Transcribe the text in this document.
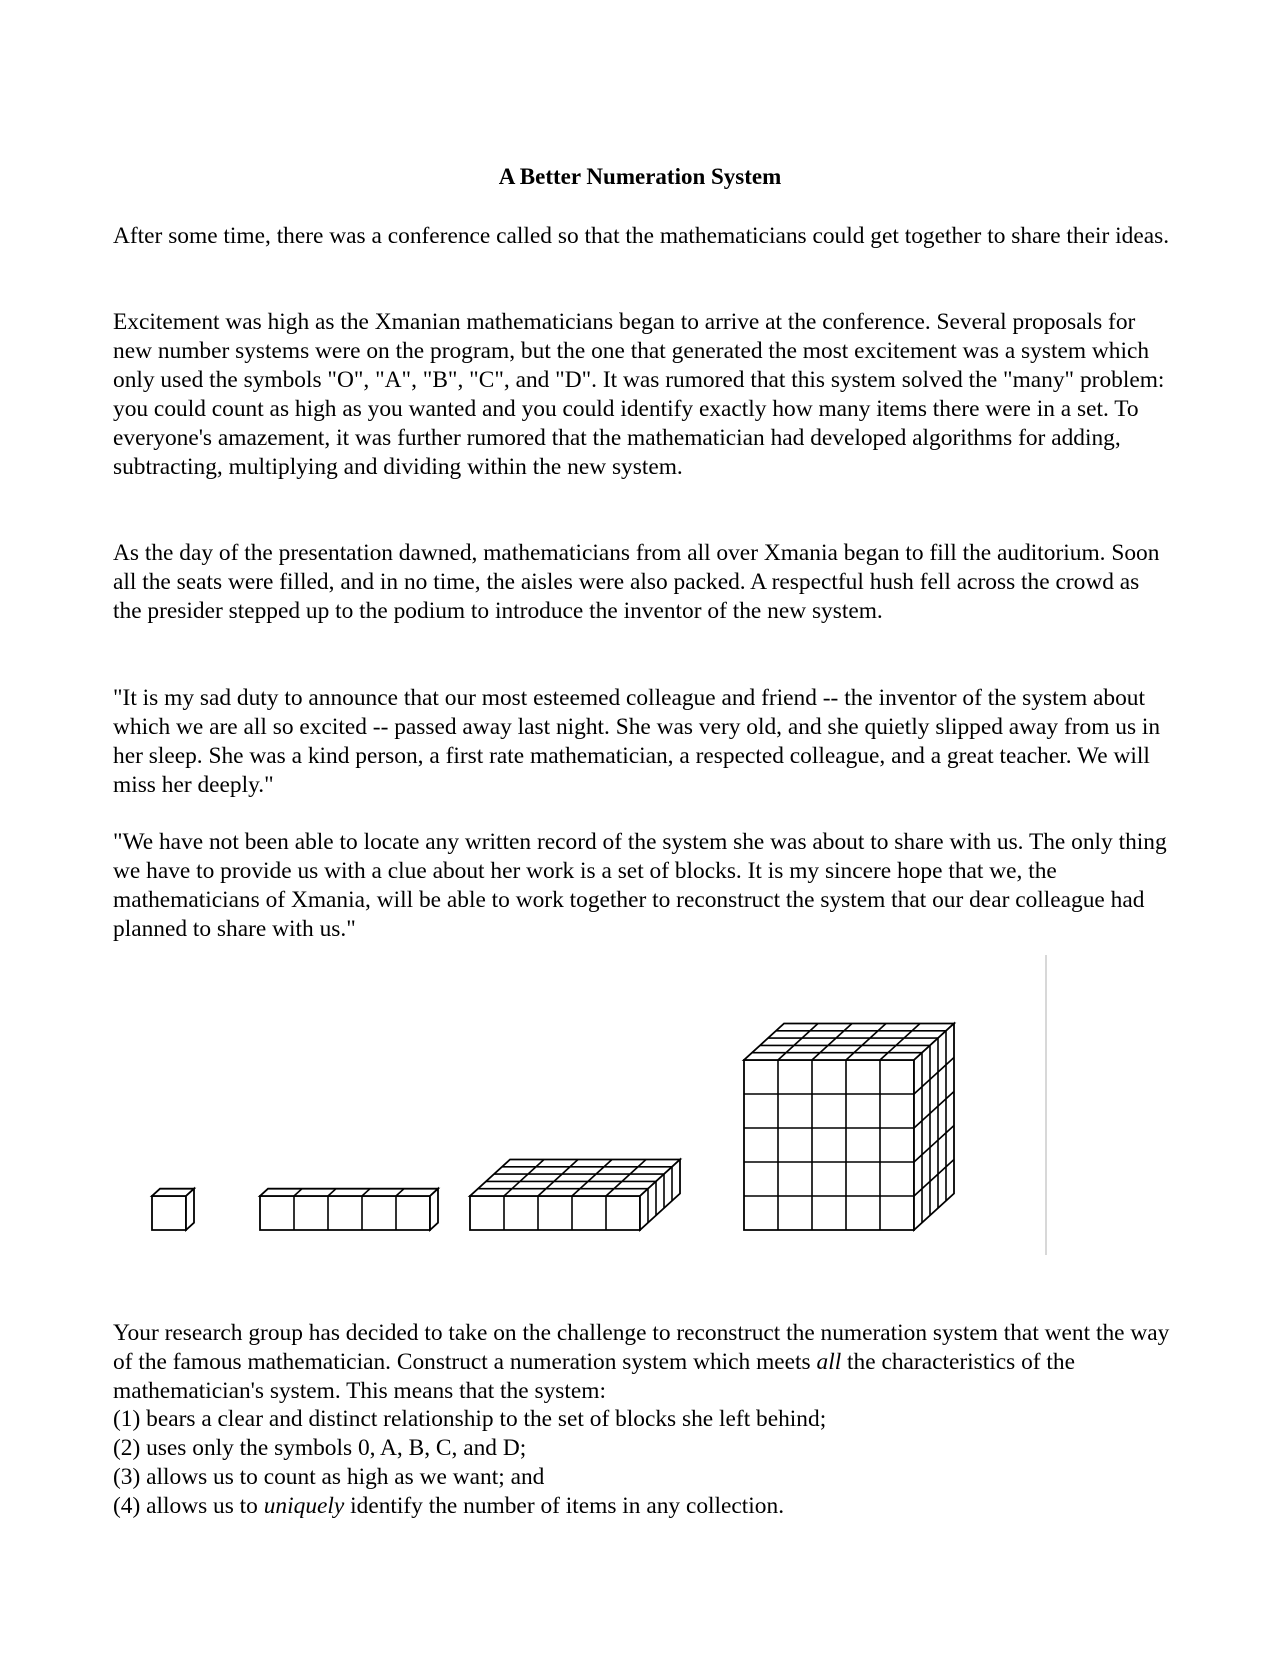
A Better Numeration System

After some time, there was a conference called so that the mathematicians could get together to share their ideas.

Excitement was high as the Xmanian mathematicians began to arrive at the conference. Several proposals for new number systems were on the program, but the one that generated the most excitement was a system which only used the symbols "O", "A", "B", "C", and "D". It was rumored that this system solved the "many" problem: you could count as high as you wanted and you could identify exactly how many items there were in a set. To everyone's amazement, it was further rumored that the mathematician had developed algorithms for adding, subtracting, multiplying and dividing within the new system.

As the day of the presentation dawned, mathematicians from all over Xmania began to fill the auditorium. Soon all the seats were filled, and in no time, the aisles were also packed. A respectful hush fell across the crowd as the presider stepped up to the podium to introduce the inventor of the new system.

"It is my sad duty to announce that our most esteemed colleague and friend -- the inventor of the system about which we are all so excited -- passed away last night. She was very old, and she quietly slipped away from us in her sleep. She was a kind person, a first rate mathematician, a respected colleague, and a great teacher. We will miss her deeply."

"We have not been able to locate any written record of the system she was about to share with us. The only thing we have to provide us with a clue about her work is a set of blocks. It is my sincere hope that we, the mathematicians of Xmania, will be able to work together to reconstruct the system that our dear colleague had planned to share with us."

Your research group has decided to take on the challenge to reconstruct the numeration system that went the way of the famous mathematician. Construct a numeration system which meets all the characteristics of the mathematician's system. This means that the system:

(1) bears a clear and distinct relationship to the set of blocks she left behind;
(2) uses only the symbols 0, A, B, C, and D;
(3) allows us to count as high as we want; and
(4) allows us to uniquely identify the number of items in any collection.
